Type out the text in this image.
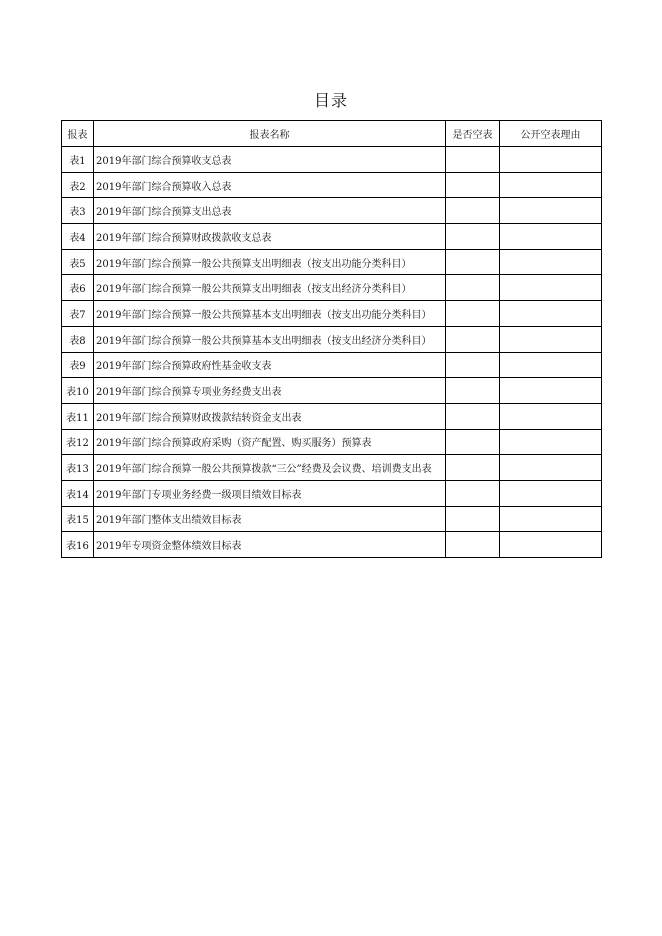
目录
报表	报表名称	是否空表	公开空表理由
表1	2019年部门综合预算收支总表		
表2	2019年部门综合预算收入总表		
表3	2019年部门综合预算支出总表		
表4	2019年部门综合预算财政拨款收支总表		
表5	2019年部门综合预算一般公共预算支出明细表（按支出功能分类科目）		
表6	2019年部门综合预算一般公共预算支出明细表（按支出经济分类科目）		
表7	2019年部门综合预算一般公共预算基本支出明细表（按支出功能分类科目）		
表8	2019年部门综合预算一般公共预算基本支出明细表（按支出经济分类科目）		
表9	2019年部门综合预算政府性基金收支表		
表10	2019年部门综合预算专项业务经费支出表		
表11	2019年部门综合预算财政拨款结转资金支出表		
表12	2019年部门综合预算政府采购（资产配置、购买服务）预算表		
表13	2019年部门综合预算一般公共预算拨款“三公”经费及会议费、培训费支出表		
表14	2019年部门专项业务经费一级项目绩效目标表		
表15	2019年部门整体支出绩效目标表		
表16	2019年专项资金整体绩效目标表		
